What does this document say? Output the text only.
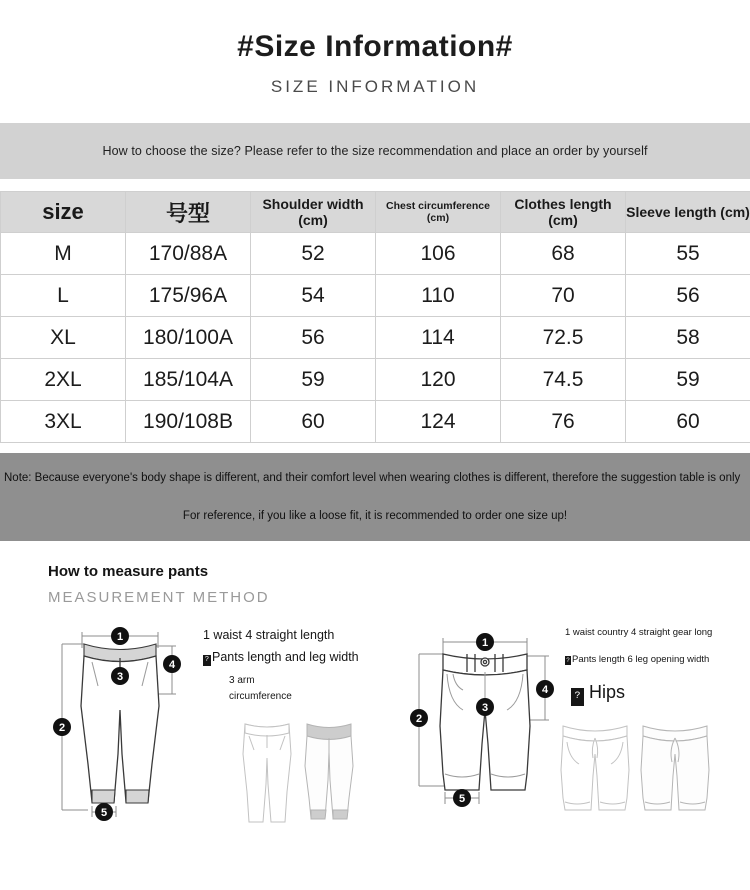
#Size Information#

SIZE INFORMATION

How to choose the size? Please refer to the size recommendation and place an order by yourself
size	号型	Shoulder width (cm)	Chest circumference (cm)	Clothes length (cm)	Sleeve length (cm)
M	170/88A	52	106	68	55
L	175/96A	54	110	70	56
XL	180/100A	56	114	72.5	58
2XL	185/104A	59	120	74.5	59
3XL	190/108B	60	124	76	60
Note: Because everyone's body shape is different, and their comfort level when wearing clothes is different, therefore the suggestion table is only
For reference, if you like a loose fit, it is recommended to order one size up!

How to measure pants

MEASUREMENT METHOD

1
2
3
4
5
1 waist 4 straight length
? Pants length and leg width
3 arm
circumference
1
2
3
4
5
1 waist country 4 straight gear long
? Pants length 6 leg opening width
? Hips
